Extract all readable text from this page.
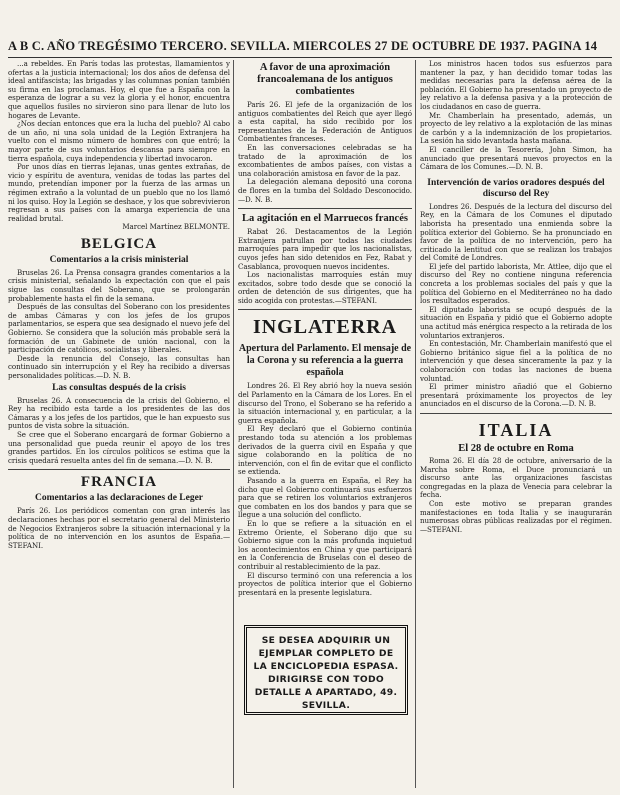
A B C. AÑO TREGÉSIMO TERCERO. SEVILLA. MIERCOLES 27 DE OCTUBRE DE 1937. PAGINA 14

...a rebeldes. En París todas las protestas, llamamientos y ofertas a la justicia internacional; los dos años de defensa del ideal antifascista; las brigadas y las columnas ponían también su firma en las proclamas. Hoy, el que fue a España con la esperanza de lograr a su vez la gloria y el honor, encuentra que aquellos fusiles no sirvieron sino para llenar de luto los hogares de Levante.

¿Nos decían entonces que era la lucha del pueblo? Al cabo de un año, ni una sola unidad de la Legión Extranjera ha vuelto con el mismo número de hombres con que entró; la mayor parte de sus voluntarios descansa para siempre en tierra española, cuya independencia y libertad invocaron.

Por unos días en tierras lejanas, unas gentes extrañas, de vicio y espíritu de aventura, venidas de todas las partes del mundo, pretendían imponer por la fuerza de las armas un régimen extraño a la voluntad de un pueblo que no los llamó ni los quiso. Hoy la Legión se deshace, y los que sobrevivieron regresan a sus países con la amarga experiencia de una realidad brutal.

Marcel Martínez BELMONTE.

BELGICA
Comentarios a la crisis ministerial

Bruselas 26. La Prensa consagra grandes comentarios a la crisis ministerial, señalando la expectación con que el país sigue las consultas del Soberano, que se prolongarán probablemente hasta el fin de la semana.

Después de las consultas del Soberano con los presidentes de ambas Cámaras y con los jefes de los grupos parlamentarios, se espera que sea designado el nuevo jefe del Gobierno. Se considera que la solución más probable será la formación de un Gabinete de unión nacional, con la participación de católicos, socialistas y liberales.

Desde la renuncia del Consejo, las consultas han continuado sin interrupción y el Rey ha recibido a diversas personalidades políticas.—D. N. B.

Las consultas después de la crisis

Bruselas 26. A consecuencia de la crisis del Gobierno, el Rey ha recibido esta tarde a los presidentes de las dos Cámaras y a los jefes de los partidos, que le han expuesto sus puntos de vista sobre la situación.

Se cree que el Soberano encargará de formar Gobierno a una personalidad que pueda reunir el apoyo de los tres grandes partidos. En los círculos políticos se estima que la crisis quedará resuelta antes del fin de semana.—D. N. B.

FRANCIA
Comentarios a las declaraciones de Leger

París 26. Los periódicos comentan con gran interés las declaraciones hechas por el secretario general del Ministerio de Negocios Extranjeros sobre la situación internacional y la política de no intervención en los asuntos de España.—STEFANI.

A favor de una aproximación francoalemana de los antiguos combatientes

París 26. El jefe de la organización de los antiguos combatientes del Reich que ayer llegó a esta capital, ha sido recibido por los representantes de la Federación de Antiguos Combatientes franceses.

En las conversaciones celebradas se ha tratado de la aproximación de los excombatientes de ambos países, con vistas a una colaboración amistosa en favor de la paz.

La delegación alemana depositó una corona de flores en la tumba del Soldado Desconocido.—D. N. B.

La agitación en el Marruecos francés

Rabat 26. Destacamentos de la Legión Extranjera patrullan por todas las ciudades marroquíes para impedir que los nacionalistas, cuyos jefes han sido detenidos en Fez, Rabat y Casablanca, provoquen nuevos incidentes.

Los nacionalistas marroquíes están muy excitados, sobre todo desde que se conoció la orden de detención de sus dirigentes, que ha sido acogida con protestas.—STEFANI.

INGLATERRA
Apertura del Parlamento. El mensaje de la Corona y su referencia a la guerra española

Londres 26. El Rey abrió hoy la nueva sesión del Parlamento en la Cámara de los Lores. En el discurso del Trono, el Soberano se ha referido a la situación internacional y, en particular, a la guerra española.

El Rey declaró que el Gobierno continúa prestando toda su atención a los problemas derivados de la guerra civil en España y que sigue colaborando en la política de no intervención, con el fin de evitar que el conflicto se extienda.

Pasando a la guerra en España, el Rey ha dicho que el Gobierno continuará sus esfuerzos para que se retiren los voluntarios extranjeros que combaten en los dos bandos y para que se llegue a una solución del conflicto.

En lo que se refiere a la situación en el Extremo Oriente, el Soberano dijo que su Gobierno sigue con la más profunda inquietud los acontecimientos en China y que participará en la Conferencia de Bruselas con el deseo de contribuir al restablecimiento de la paz.

El discurso terminó con una referencia a los proyectos de política interior que el Gobierno presentará en la presente legislatura.

SE DESEA ADQUIRIR UN EJEMPLAR COMPLETO DE LA ENCICLOPEDIA ESPASA. DIRIGIRSE CON TODO DETALLE A APARTADO, 49. SEVILLA.

Los ministros hacen todos sus esfuerzos para mantener la paz, y han decidido tomar todas las medidas necesarias para la defensa aérea de la población. El Gobierno ha presentado un proyecto de ley relativo a la defensa pasiva y a la protección de los ciudadanos en caso de guerra.

Mr. Chamberlain ha presentado, además, un proyecto de ley relativo a la explotación de las minas de carbón y a la indemnización de los propietarios. La sesión ha sido levantada hasta mañana.

El canciller de la Tesorería, John Simon, ha anunciado que presentará nuevos proyectos en la Cámara de los Comunes.—D. N. B.

Intervención de varios oradores después del discurso del Rey

Londres 26. Después de la lectura del discurso del Rey, en la Cámara de los Comunes el diputado laborista ha presentado una enmienda sobre la política exterior del Gobierno. Se ha pronunciado en favor de la política de no intervención, pero ha criticado la lentitud con que se realizan los trabajos del Comité de Londres.

El jefe del partido laborista, Mr. Attlee, dijo que el discurso del Rey no contiene ninguna referencia concreta a los problemas sociales del país y que la política del Gobierno en el Mediterráneo no ha dado los resultados esperados.

El diputado laborista se ocupó después de la situación en España y pidió que el Gobierno adopte una actitud más enérgica respecto a la retirada de los voluntarios extranjeros.

En contestación, Mr. Chamberlain manifestó que el Gobierno británico sigue fiel a la política de no intervención y que desea sinceramente la paz y la colaboración con todas las naciones de buena voluntad.

El primer ministro añadió que el Gobierno presentará próximamente los proyectos de ley anunciados en el discurso de la Corona.—D. N. B.

ITALIA
El 28 de octubre en Roma

Roma 26. El día 28 de octubre, aniversario de la Marcha sobre Roma, el Duce pronunciará un discurso ante las organizaciones fascistas congregadas en la plaza de Venecia para celebrar la fecha.

Con este motivo se preparan grandes manifestaciones en toda Italia y se inaugurarán numerosas obras públicas realizadas por el régimen.—STEFANI.
